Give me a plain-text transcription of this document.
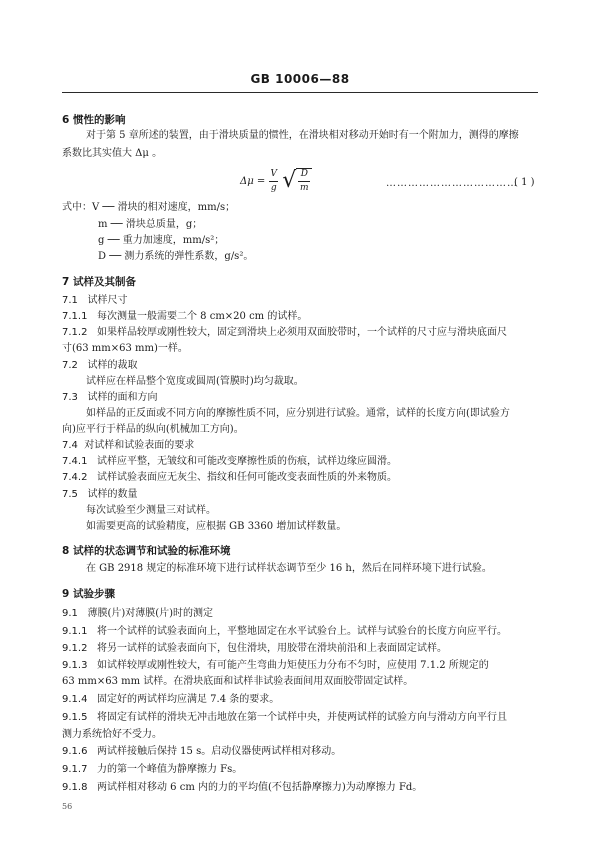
GB 10006—88
6 惯性的影响
对于第 5 章所述的装置，由于滑块质量的惯性，在滑块相对移动开始时有一个附加力，测得的摩擦
系数比其实值大 Δμ 。
$\Delta\mu = \frac{V}{g}$ √ D
m	………………………………
( 1 )
式中：V ── 滑块的相对速度，mm/s；
m ── 滑块总质量，g；
g ── 重力加速度，mm/s²；
D ── 测力系统的弹性系数，g/s²。
7 试样及其制备
7.1 试样尺寸
7.1.1 每次测量一般需要二个 8 cm×20 cm 的试样。
7.1.2 如果样品较厚或刚性较大，固定到滑块上必须用双面胶带时，一个试样的尺寸应与滑块底面尺
寸(63 mm×63 mm)一样。
7.2 试样的裁取
试样应在样品整个宽度或圆周(管膜时)均匀裁取。
7.3 试样的面和方向
如样品的正反面或不同方向的摩擦性质不同，应分别进行试验。通常，试样的长度方向(即试验方
向)应平行于样品的纵向(机械加工方向)。
7.4 对试样和试验表面的要求
7.4.1 试样应平整，无皱纹和可能改变摩擦性质的伤痕，试样边缘应圆滑。
7.4.2 试样试验表面应无灰尘、指纹和任何可能改变表面性质的外来物质。
7.5 试样的数量
每次试验至少测量三对试样。
如需要更高的试验精度，应根据 GB 3360 增加试样数量。
8 试样的状态调节和试验的标准环境
在 GB 2918 规定的标准环境下进行试样状态调节至少 16 h，然后在同样环境下进行试验。
9 试验步骤
9.1 薄膜(片)对薄膜(片)时的测定
9.1.1 将一个试样的试验表面向上，平整地固定在水平试验台上。试样与试验台的长度方向应平行。
9.1.2 将另一试样的试验表面向下，包住滑块，用胶带在滑块前沿和上表面固定试样。
9.1.3 如试样较厚或刚性较大，有可能产生弯曲力矩使压力分布不匀时，应使用 7.1.2 所规定的
63 mm×63 mm 试样。在滑块底面和试样非试验表面间用双面胶带固定试样。
9.1.4 固定好的两试样均应满足 7.4 条的要求。
9.1.5 将固定有试样的滑块无冲击地放在第一个试样中央，并使两试样的试验方向与滑动方向平行且
测力系统恰好不受力。
9.1.6 两试样接触后保持 15 s。启动仪器使两试样相对移动。
9.1.7 力的第一个峰值为静摩擦力 Fs。
9.1.8 两试样相对移动 6 cm 内的力的平均值(不包括静摩擦力)为动摩擦力 Fd。
56
